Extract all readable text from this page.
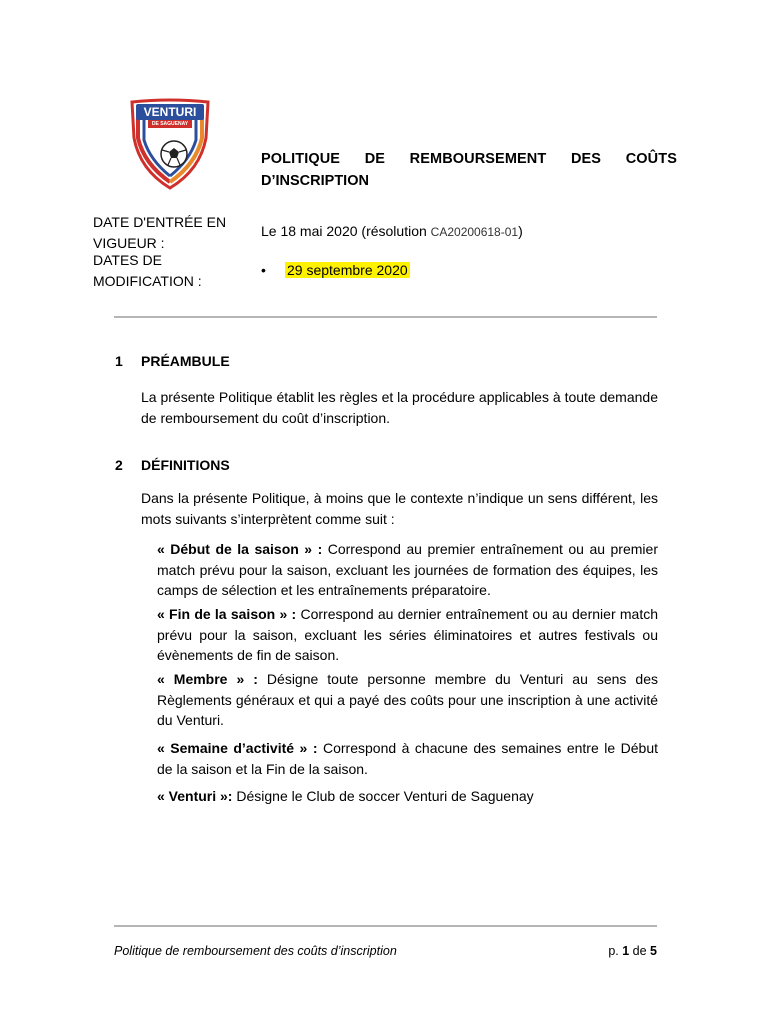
VENTURI
DE SAGUENAY
POLITIQUE DE REMBOURSEMENT DES COÛTS
D’INSCRIPTION
DATE D'ENTRÉE EN
VIGUEUR :
DATES DE
MODIFICATION :
Le 18 mai 2020 (résolution CA20200618-01)
•	29 septembre 2020
1 PRÉAMBULE
La présente Politique établit les règles et la procédure applicables à toute demande de remboursement du coût d’inscription.
2 DÉFINITIONS
Dans la présente Politique, à moins que le contexte n’indique un sens différent, les mots suivants s’interprètent comme suit :
« Début de la saison » : Correspond au premier entraînement ou au premier match prévu pour la saison, excluant les journées de formation des équipes, les camps de sélection et les entraînements préparatoire.
« Fin de la saison » : Correspond au dernier entraînement ou au dernier match prévu pour la saison, excluant les séries éliminatoires et autres festivals ou évènements de fin de saison.
« Membre » : Désigne toute personne membre du Venturi au sens des Règlements généraux et qui a payé des coûts pour une inscription à une activité du Venturi.
« Semaine d’activité » : Correspond à chacune des semaines entre le Début de la saison et la Fin de la saison.
« Venturi »: Désigne le Club de soccer Venturi de Saguenay
Politique de remboursement des coûts d’inscription	p. 1 de 5
